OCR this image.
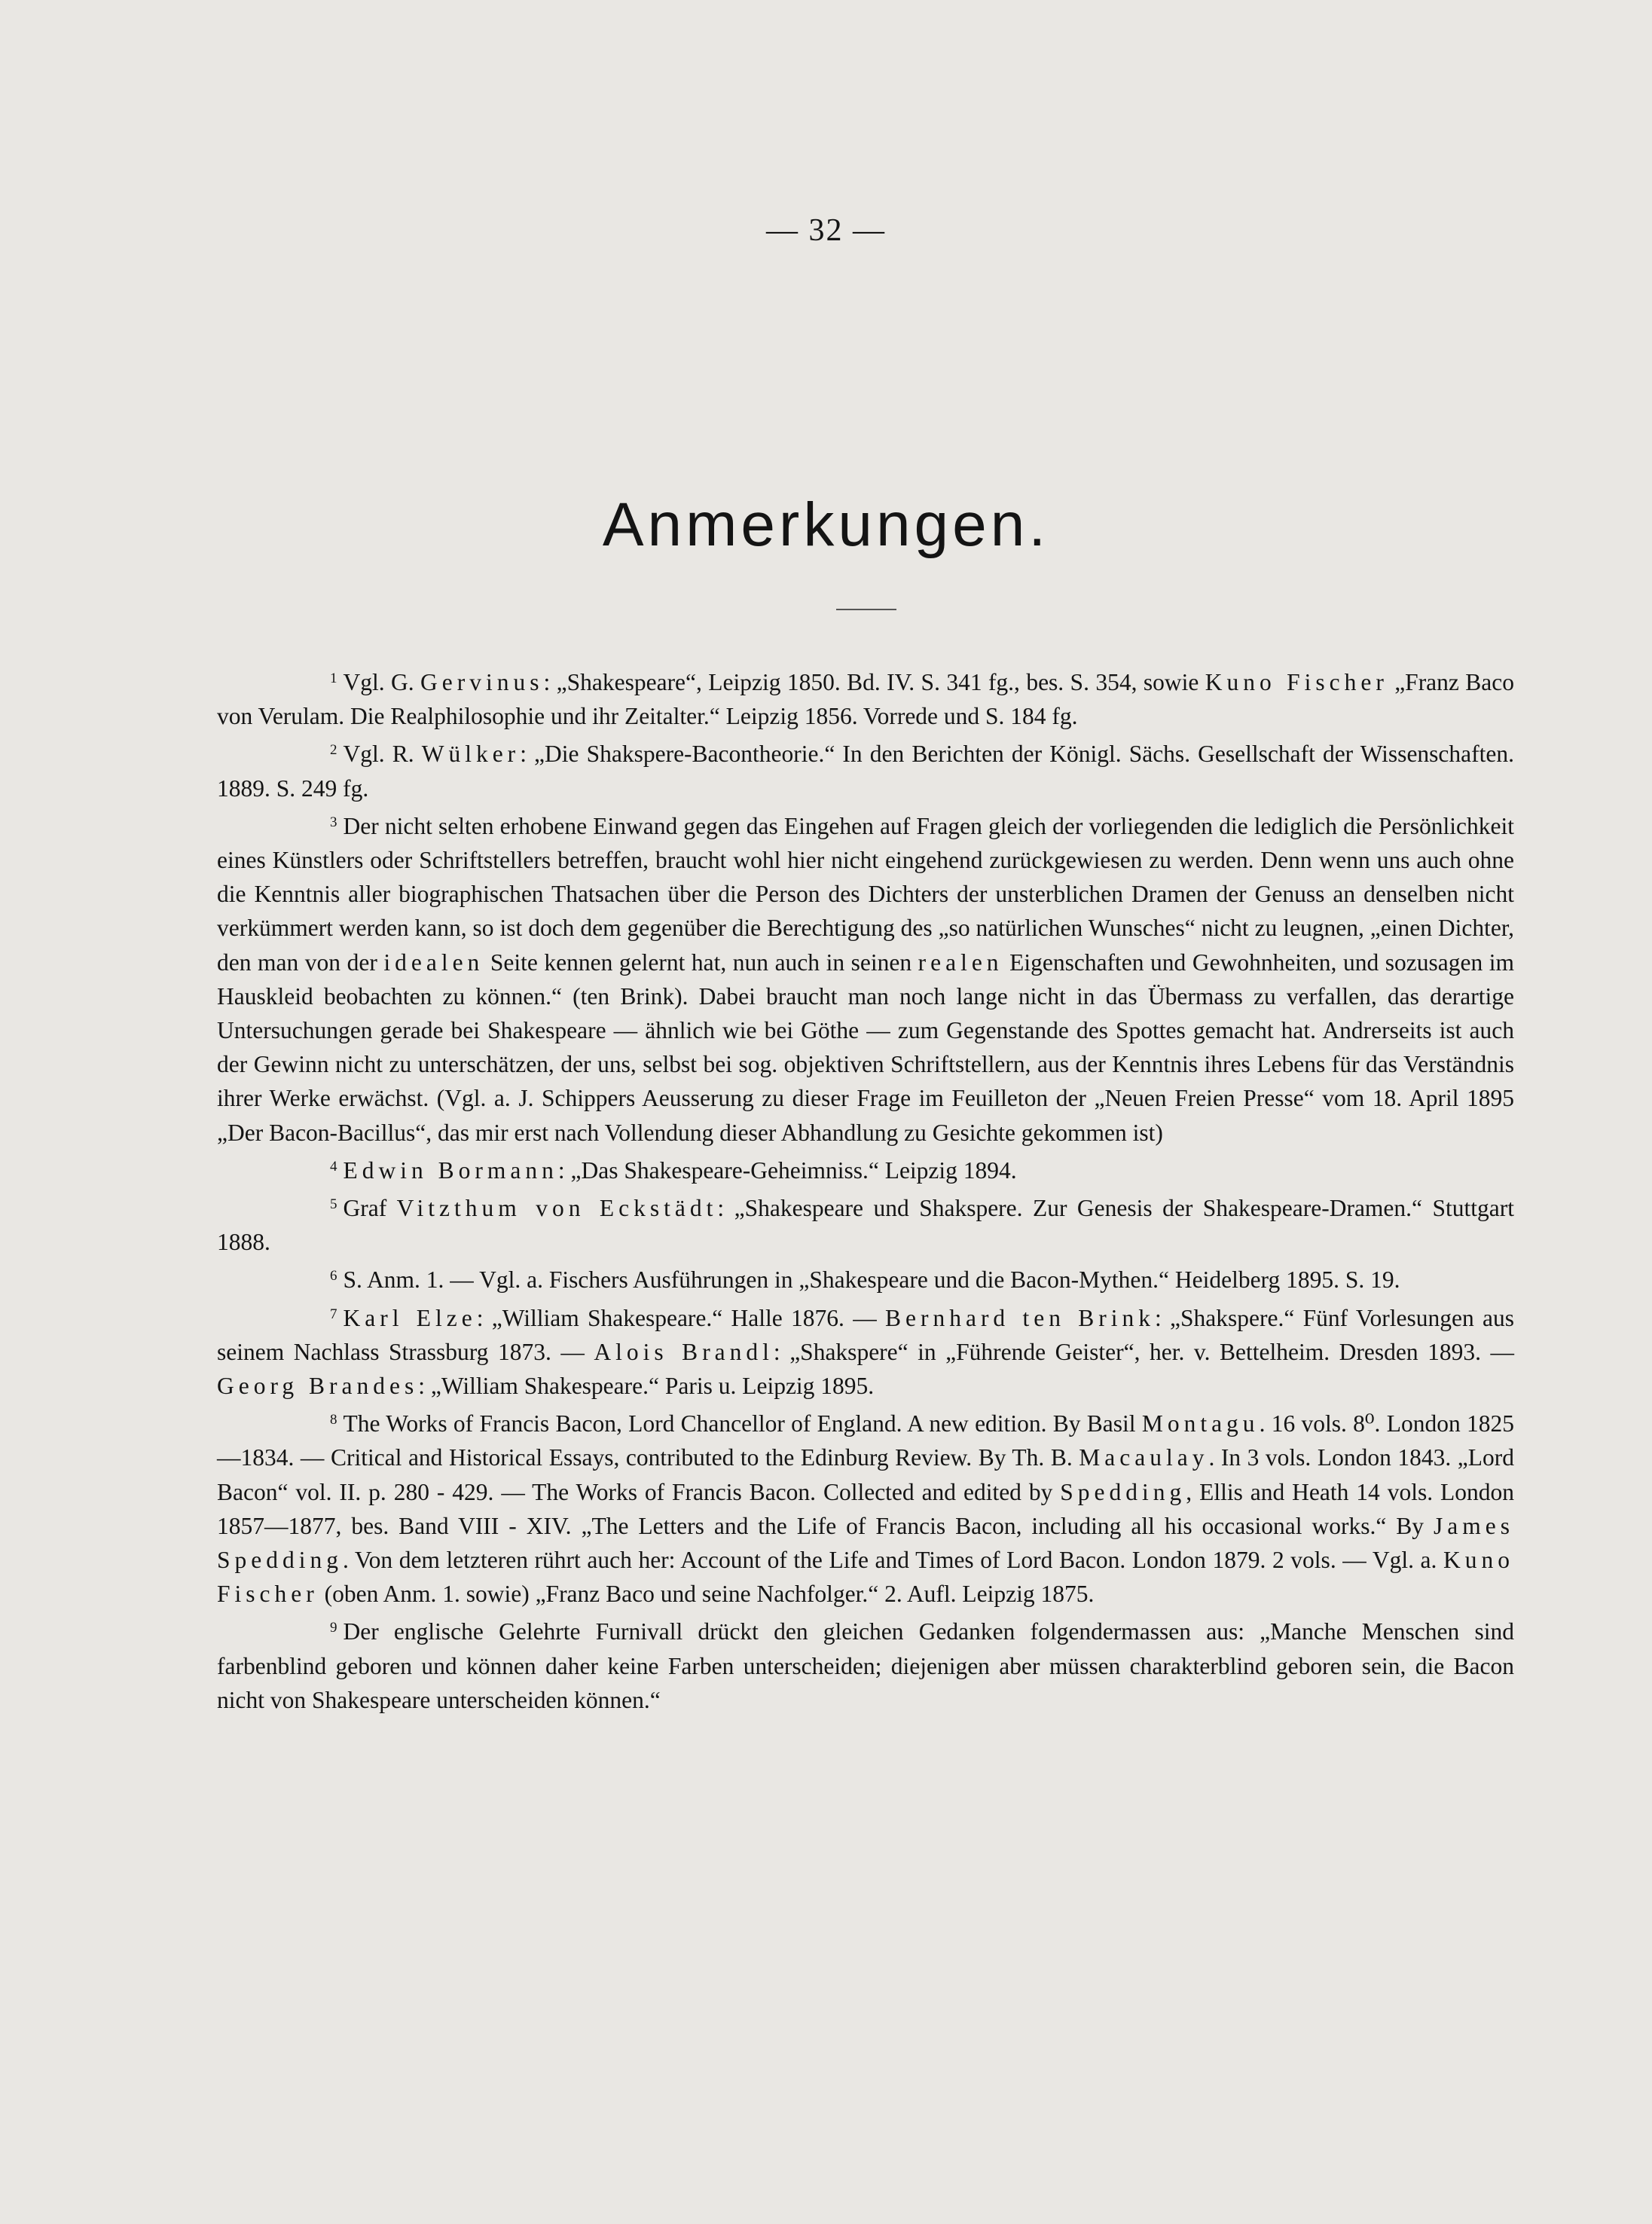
— 32 —
Anmerkungen.

$^1$ Vgl. G. Gervinus: „Shakespeare“, Leipzig 1850. Bd. IV. S. 341 fg., bes. S. 354, sowie Kuno Fischer „Franz Baco von Verulam. Die Realphilosophie und ihr Zeitalter.“ Leipzig 1856. Vorrede und S. 184 fg.

$^2$ Vgl. R. Wülker: „Die Shakspere-Bacontheorie.“ In den Berichten der Königl. Sächs. Gesellschaft der Wissenschaften. 1889. S. 249 fg.

$^3$ Der nicht selten erhobene Einwand gegen das Eingehen auf Fragen gleich der vorliegenden die lediglich die Persönlichkeit eines Künstlers oder Schriftstellers betreffen, braucht wohl hier nicht eingehend zurückgewiesen zu werden. Denn wenn uns auch ohne die Kenntnis aller biographischen Thatsachen über die Person des Dichters der unsterblichen Dramen der Genuss an denselben nicht verkümmert werden kann, so ist doch dem gegenüber die Berechtigung des „so natürlichen Wunsches“ nicht zu leugnen, „einen Dichter, den man von der idealen Seite kennen gelernt hat, nun auch in seinen realen Eigenschaften und Gewohnheiten, und sozusagen im Hauskleid beobachten zu können.“ (ten Brink). Dabei braucht man noch lange nicht in das Übermass zu verfallen, das derartige Untersuchungen gerade bei Shakespeare — ähnlich wie bei Göthe — zum Gegenstande des Spottes gemacht hat. Andrerseits ist auch der Gewinn nicht zu unterschätzen, der uns, selbst bei sog. objektiven Schriftstellern, aus der Kenntnis ihres Lebens für das Verständnis ihrer Werke erwächst. (Vgl. a. J. Schippers Aeusserung zu dieser Frage im Feuilleton der „Neuen Freien Presse“ vom 18. April 1895 „Der Bacon-Bacillus“, das mir erst nach Vollendung dieser Abhandlung zu Gesichte gekommen ist)

$^4$ Edwin Bormann: „Das Shakespeare-Geheimniss.“ Leipzig 1894.

$^5$ Graf Vitzthum von Eckstädt: „Shakespeare und Shakspere. Zur Genesis der Shakespeare-Dramen.“ Stuttgart 1888.

$^6$ S. Anm. 1. — Vgl. a. Fischers Ausführungen in „Shakespeare und die Bacon-Mythen.“ Heidelberg 1895. S. 19.

$^7$ Karl Elze: „William Shakespeare.“ Halle 1876. — Bernhard ten Brink: „Shakspere.“ Fünf Vorlesungen aus seinem Nachlass Strassburg 1873. — Alois Brandl: „Shakspere“ in „Führende Geister“, her. v. Bettelheim. Dresden 1893. — Georg Brandes: „William Shakespeare.“ Paris u. Leipzig 1895.

$^8$ The Works of Francis Bacon, Lord Chancellor of England. A new edition. By Basil Montagu. 16 vols. 8⁰. London 1825—1834. — Critical and Historical Essays, contributed to the Edinburg Review. By Th. B. Macaulay. In 3 vols. London 1843. „Lord Bacon“ vol. II. p. 280 - 429. — The Works of Francis Bacon. Collected and edited by Spedding, Ellis and Heath 14 vols. London 1857—1877, bes. Band VIII - XIV. „The Letters and the Life of Francis Bacon, including all his occasional works.“ By James Spedding. Von dem letzteren rührt auch her: Account of the Life and Times of Lord Bacon. London 1879. 2 vols. — Vgl. a. Kuno Fischer (oben Anm. 1. sowie) „Franz Baco und seine Nachfolger.“ 2. Aufl. Leipzig 1875.

$^9$ Der englische Gelehrte Furnivall drückt den gleichen Gedanken folgendermassen aus: „Manche Menschen sind farbenblind geboren und können daher keine Farben unterscheiden; diejenigen aber müssen charakterblind geboren sein, die Bacon nicht von Shakespeare unterscheiden können.“
